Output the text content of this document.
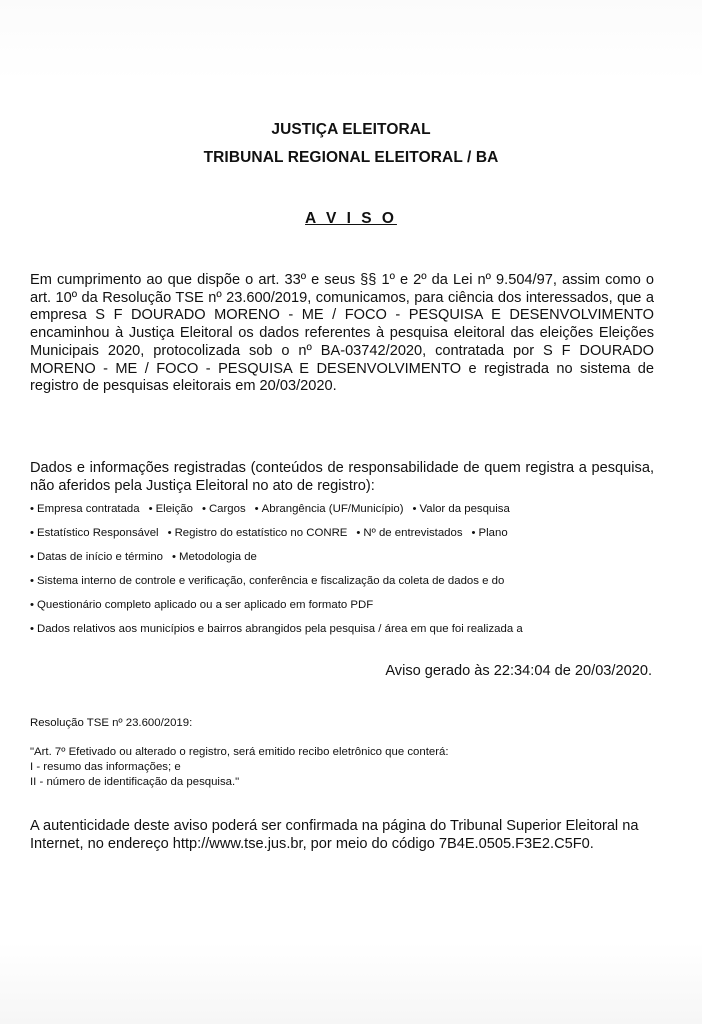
JUSTIÇA ELEITORAL
TRIBUNAL REGIONAL ELEITORAL / BA
A V I S O
Em cumprimento ao que dispõe o art. 33º e seus §§ 1º e 2º da Lei nº 9.504/97, assim como o art. 10º da Resolução TSE nº 23.600/2019, comunicamos, para ciência dos interessados, que a empresa S F DOURADO MORENO - ME / FOCO - PESQUISA E DESENVOLVIMENTO encaminhou à Justiça Eleitoral os dados referentes à pesquisa eleitoral das eleições Eleições Municipais 2020, protocolizada sob o nº BA-03742/2020, contratada por S F DOURADO MORENO - ME / FOCO - PESQUISA E DESENVOLVIMENTO e registrada no sistema de registro de pesquisas eleitorais em 20/03/2020.
Dados e informações registradas (conteúdos de responsabilidade de quem registra a pesquisa, não aferidos pela Justiça Eleitoral no ato de registro):
• Empresa contratada • Eleição • Cargos • Abrangência (UF/Município) • Valor da pesquisa
• Estatístico Responsável • Registro do estatístico no CONRE • Nº de entrevistados • Plano
• Datas de início e término • Metodologia de
• Sistema interno de controle e verificação, conferência e fiscalização da coleta de dados e do
• Questionário completo aplicado ou a ser aplicado em formato PDF
• Dados relativos aos municípios e bairros abrangidos pela pesquisa / área em que foi realizada a
Aviso gerado às 22:34:04 de 20/03/2020.
Resolução TSE nº 23.600/2019:
"Art. 7º Efetivado ou alterado o registro, será emitido recibo eletrônico que conterá:
I - resumo das informações; e
II - número de identificação da pesquisa."
A autenticidade deste aviso poderá ser confirmada na página do Tribunal Superior Eleitoral na Internet, no endereço http://www.tse.jus.br, por meio do código 7B4E.0505.F3E2.C5F0.
